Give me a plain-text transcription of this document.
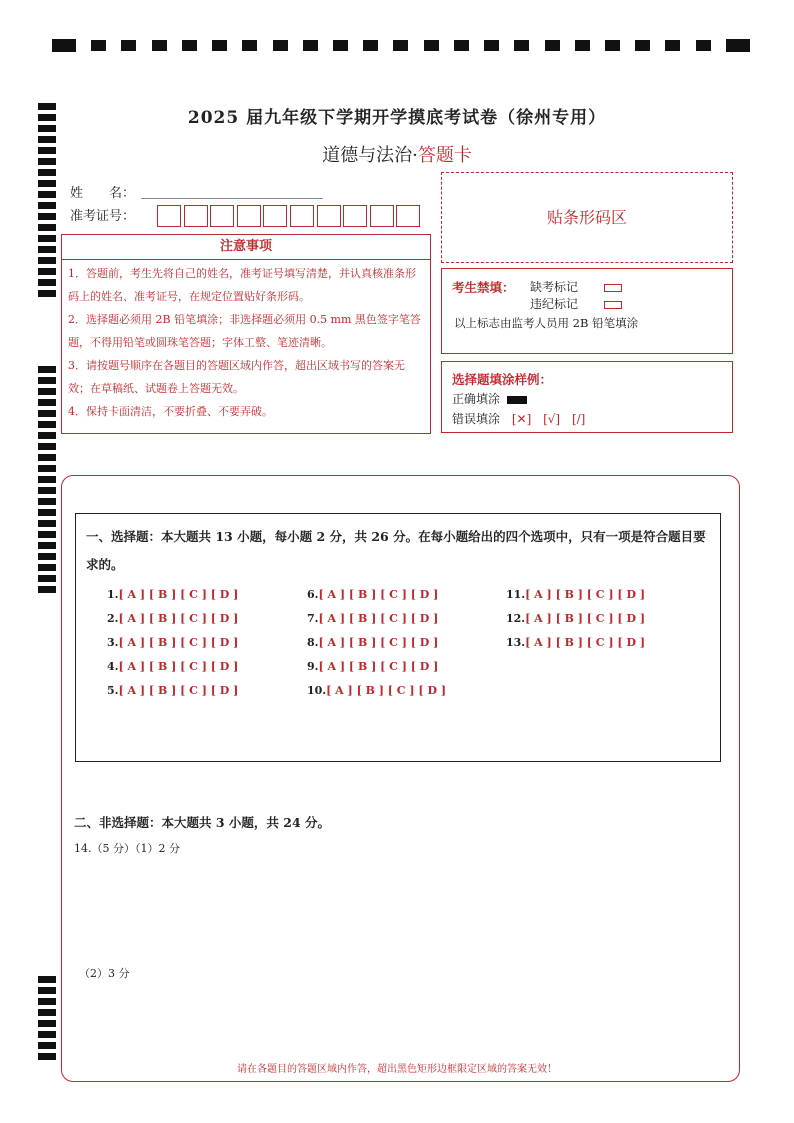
2025 届九年级下学期开学摸底考试卷（徐州专用）
道德与法治·答题卡
姓　　名：
准考证号：
注意事项
1．答题前，考生先将自己的姓名，准考证号填写清楚，并认真核准条形码上的姓名、准考证号，在规定位置贴好条形码。
2．选择题必须用 2B 铅笔填涂；非选择题必须用 0.5 mm 黑色签字笔答题，不得用铅笔或圆珠笔答题；字体工整、笔迹清晰。
3．请按题号顺序在各题目的答题区域内作答，超出区域书写的答案无效；在草稿纸、试题卷上答题无效。
4．保持卡面清洁，不要折叠、不要弄破。
贴条形码区
考生禁填： 缺考标记
违纪标记
以上标志由监考人员用 2B 铅笔填涂
选择题填涂样例：
正确填涂
错误填涂 [✕] [√] [/]
一、选择题：本大题共 13 小题，每小题 2 分，共 26 分。在每小题给出的四个选项中，只有一项是符合题目要求的。
1.[ A ] [ B ] [ C ] [ D ]
2.[ A ] [ B ] [ C ] [ D ]
3.[ A ] [ B ] [ C ] [ D ]
4.[ A ] [ B ] [ C ] [ D ]
5.[ A ] [ B ] [ C ] [ D ]
6.[ A ] [ B ] [ C ] [ D ]
7.[ A ] [ B ] [ C ] [ D ]
8.[ A ] [ B ] [ C ] [ D ]
9.[ A ] [ B ] [ C ] [ D ]
10.[ A ] [ B ] [ C ] [ D ]
11.[ A ] [ B ] [ C ] [ D ]
12.[ A ] [ B ] [ C ] [ D ]
13.[ A ] [ B ] [ C ] [ D ]
二、非选择题：本大题共 3 小题，共 24 分。
14.（5 分）（1）2 分
（2）3 分
请在各题目的答题区域内作答，超出黑色矩形边框限定区域的答案无效！
